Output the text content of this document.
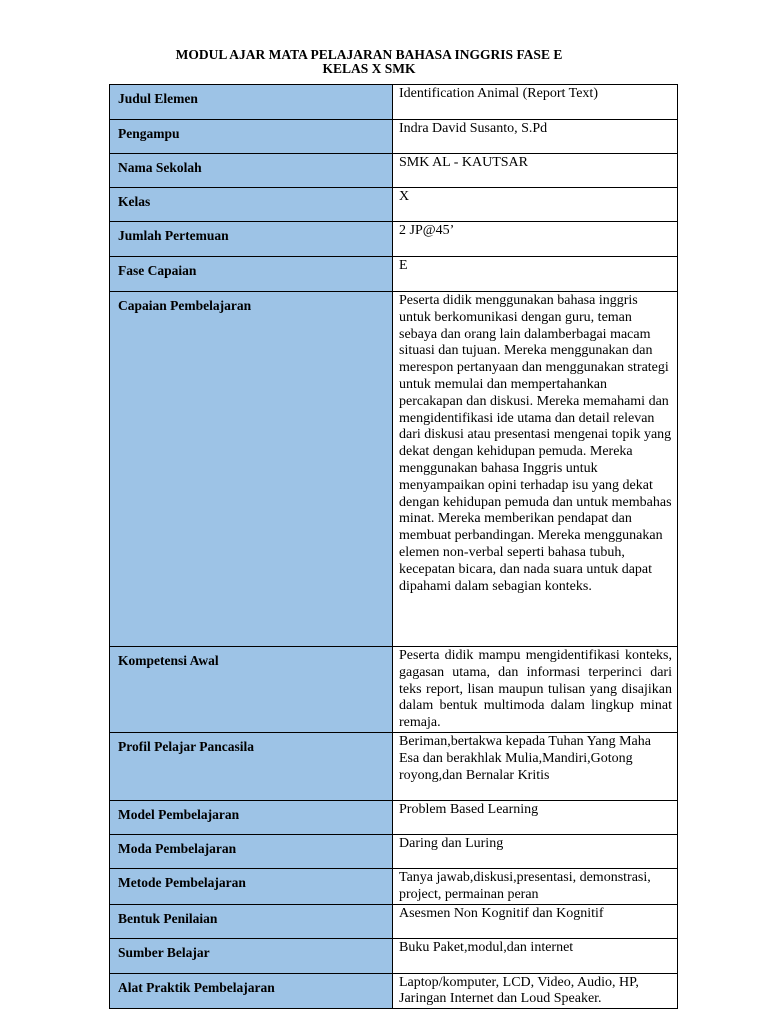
MODUL AJAR MATA PELAJARAN BAHASA INGGRIS FASE E
KELAS X SMK
Judul Elemen	Identification Animal (Report Text)
Pengampu	Indra David Susanto, S.Pd
Nama Sekolah	SMK AL - KAUTSAR
Kelas	X
Jumlah Pertemuan	2 JP@45’
Fase Capaian	E
Capaian Pembelajaran	Peserta didik menggunakan bahasa inggris untuk berkomunikasi dengan guru, teman sebaya dan orang lain dalamberbagai macam situasi dan tujuan. Mereka menggunakan dan merespon pertanyaan dan menggunakan strategi untuk memulai dan mempertahankan percakapan dan diskusi. Mereka memahami dan mengidentifikasi ide utama dan detail relevan dari diskusi atau presentasi mengenai topik yang dekat dengan kehidupan pemuda. Mereka menggunakan bahasa Inggris untuk menyampaikan opini terhadap isu yang dekat dengan kehidupan pemuda dan untuk membahas minat. Mereka memberikan pendapat dan membuat perbandingan. Mereka menggunakan elemen non-verbal seperti bahasa tubuh, kecepatan bicara, dan nada suara untuk dapat dipahami dalam sebagian konteks.
Kompetensi Awal	Peserta didik mampu mengidentifikasi konteks, gagasan utama, dan informasi terperinci dari teks report, lisan maupun tulisan yang disajikan dalam bentuk multimoda dalam lingkup minat remaja.
Profil Pelajar Pancasila	Beriman,bertakwa kepada Tuhan Yang Maha Esa dan berakhlak Mulia,Mandiri,Gotong royong,dan Bernalar Kritis
Model Pembelajaran	Problem Based Learning
Moda Pembelajaran	Daring dan Luring
Metode Pembelajaran	Tanya jawab,diskusi,presentasi, demonstrasi, project, permainan peran
Bentuk Penilaian	Asesmen Non Kognitif dan Kognitif
Sumber Belajar	Buku Paket,modul,dan internet
Alat Praktik Pembelajaran	Laptop/komputer, LCD, Video, Audio, HP, Jaringan Internet dan Loud Speaker.
